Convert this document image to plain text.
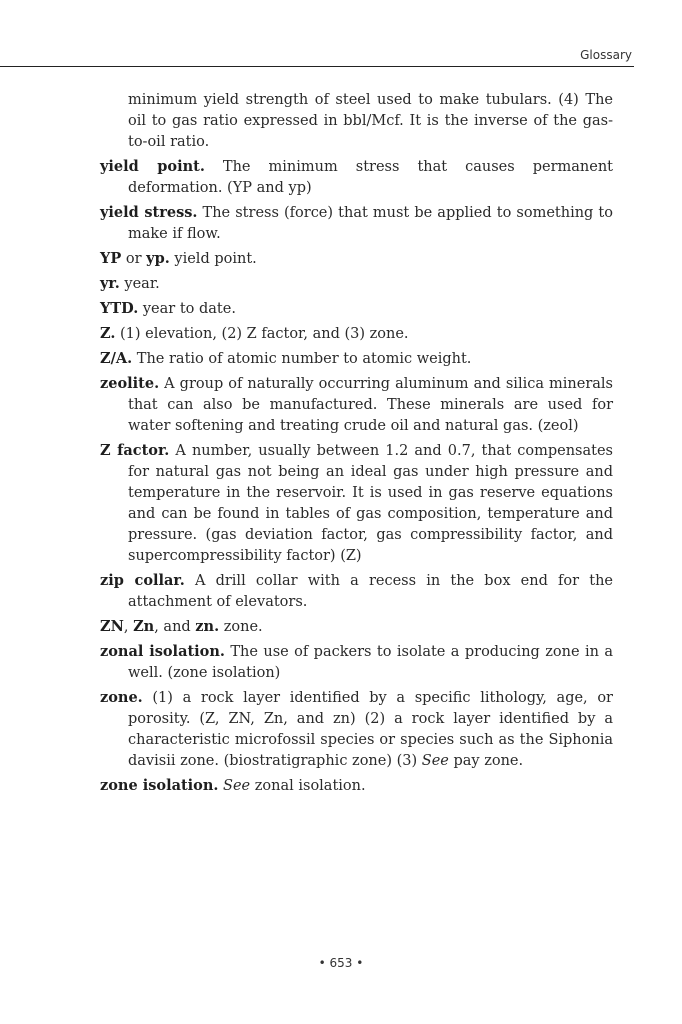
Glossary

minimum yield strength of steel used to make tubulars. (4) The oil to gas ratio expressed in bbl/Mcf. It is the inverse of the gas-to-oil ratio.

yield point. The minimum stress that causes permanent deformation. (YP and yp)

yield stress. The stress (force) that must be applied to something to make if flow.

YP or yp. yield point.

yr. year.

YTD. year to date.

Z. (1) elevation, (2) Z factor, and (3) zone.

Z/A. The ratio of atomic number to atomic weight.

zeolite. A group of naturally occurring aluminum and silica minerals that can also be manufactured. These minerals are used for water softening and treating crude oil and natural gas. (zeol)

Z factor. A number, usually between 1.2 and 0.7, that compensates for natural gas not being an ideal gas under high pressure and temperature in the reservoir. It is used in gas reserve equations and can be found in tables of gas composition, temperature and pressure. (gas deviation factor, gas compressibility factor, and supercompressibility factor) (Z)

zip collar. A drill collar with a recess in the box end for the attachment of elevators.

ZN, Zn, and zn. zone.

zonal isolation. The use of packers to isolate a producing zone in a well. (zone isolation)

zone. (1) a rock layer identified by a specific lithology, age, or porosity. (Z, ZN, Zn, and zn) (2) a rock layer identified by a characteristic microfossil species or species such as the Siphonia davisii zone. (biostratigraphic zone) (3) See pay zone.

zone isolation. See zonal isolation.

• 653 •
